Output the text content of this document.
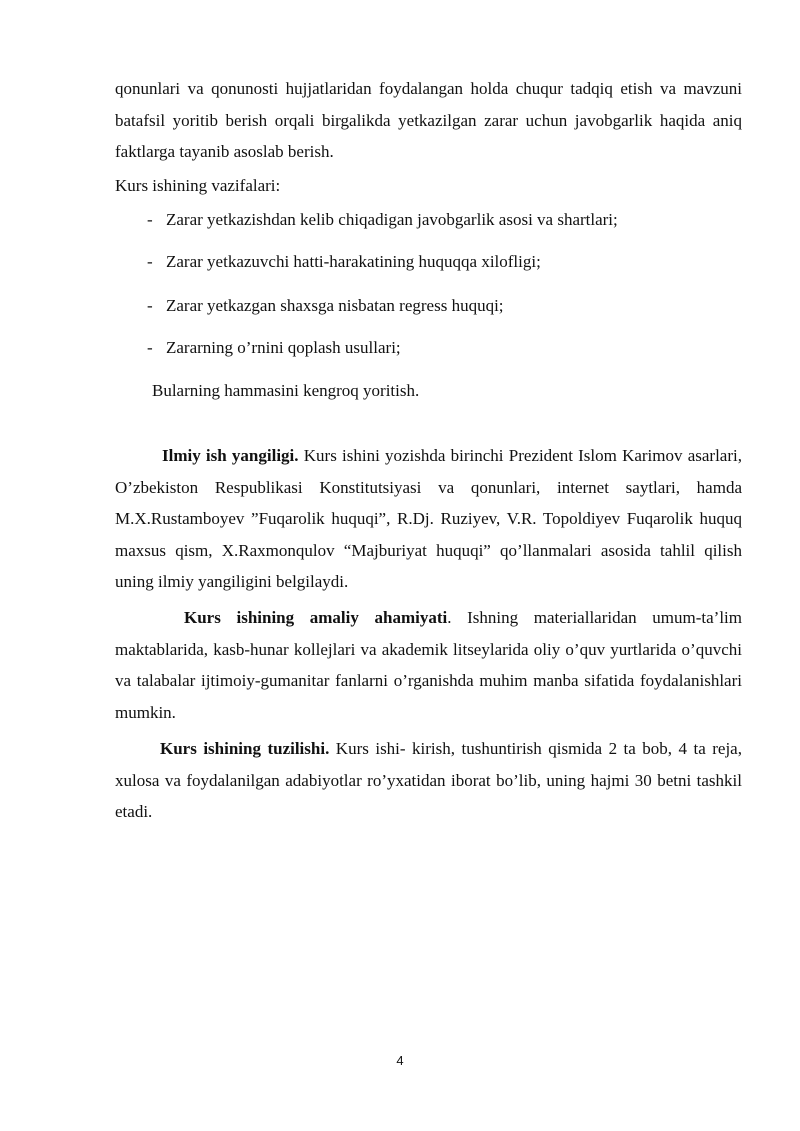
qonunlari va qonunosti hujjatlaridan foydalangan holda chuqur tadqiq etish va mavzuni batafsil yoritib berish orqali birgalikda yetkazilgan zarar uchun javobgarlik haqida aniq faktlarga tayanib asoslab berish.

Kurs ishining vazifalari:

- Zarar yetkazishdan kelib chiqadigan javobgarlik asosi va shartlari;

- Zarar yetkazuvchi hatti-harakatining huquqqa xilofligi;

- Zarar yetkazgan shaxsga nisbatan regress huquqi;

- Zararning o’rnini qoplash usullari;

Bularning hammasini kengroq yoritish.

Ilmiy ish yangiligi. Kurs ishini yozishda birinchi Prezident Islom Karimov asarlari, O’zbekiston Respublikasi Konstitutsiyasi va qonunlari, internet saytlari, hamda M.X.Rustamboyev ”Fuqarolik huquqi”, R.Dj. Ruziyev, V.R. Topoldiyev Fuqarolik huquq maxsus qism, X.Raxmonqulov “Majburiyat huquqi” qo’llanmalari asosida tahlil qilish uning ilmiy yangiligini belgilaydi.

Kurs ishining amaliy ahamiyati. Ishning materiallaridan umum-ta’lim maktablarida, kasb-hunar kollejlari va akademik litseylarida oliy o’quv yurtlarida o’quvchi va talabalar ijtimoiy-gumanitar fanlarni o’rganishda muhim manba sifatida foydalanishlari mumkin.

Kurs ishining tuzilishi. Kurs ishi- kirish, tushuntirish qismida 2 ta bob, 4 ta reja, xulosa va foydalanilgan adabiyotlar ro’yxatidan iborat bo’lib, uning hajmi 30 betni tashkil etadi.

4
